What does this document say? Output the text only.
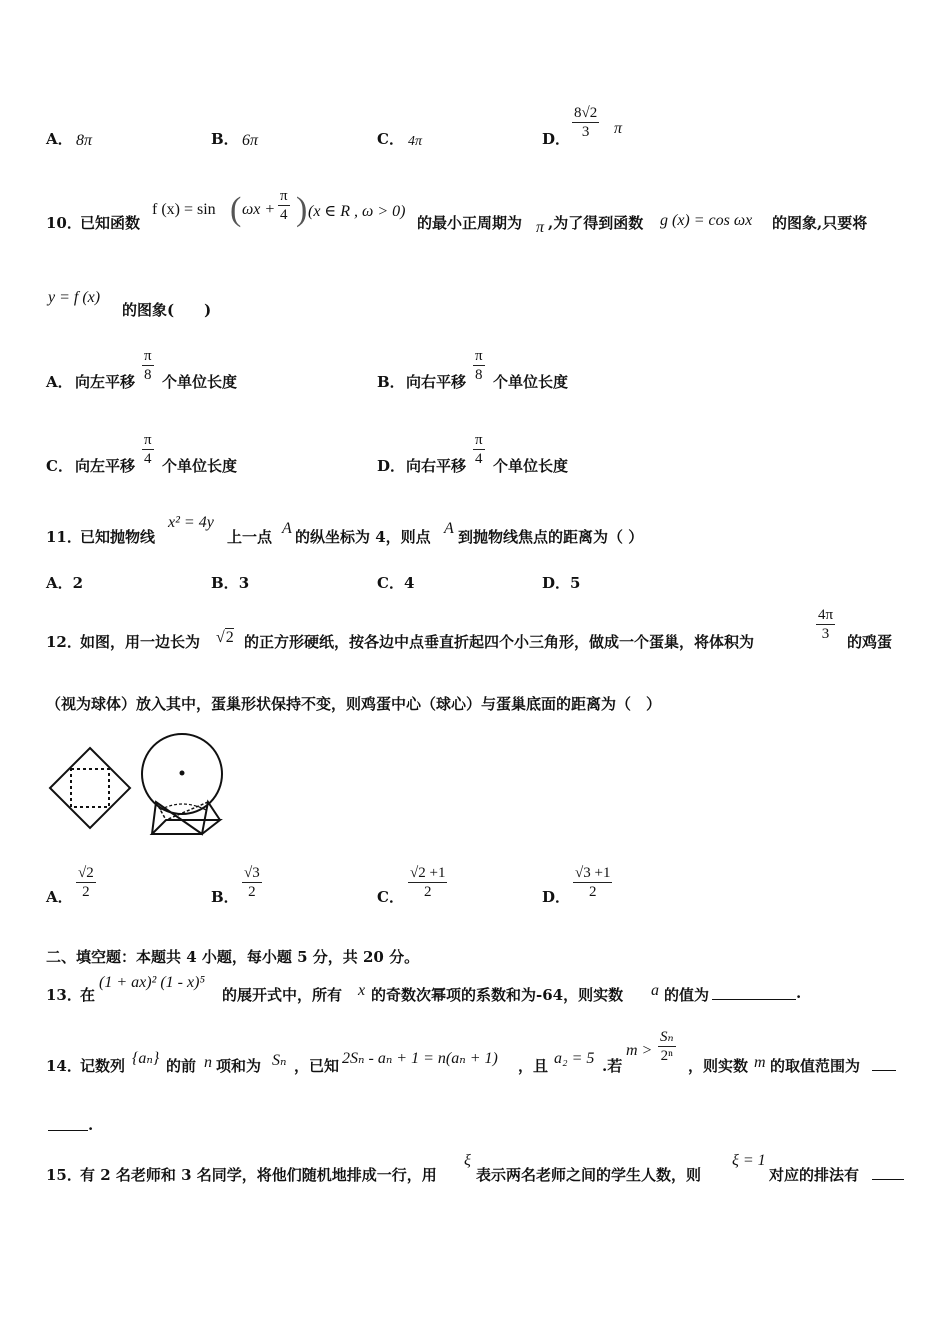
A． 8π	B． 6π	C． 4π	D． $\frac{8√2}{3}$ π
10．
已知函数
f (x) = sin ( $\omega x + \frac{\pi}{4}$ ) (x ∈ R , ω > 0)
的最小正周期为 π ,为了得到函数 g (x) = cos ωx 的图象,只要将
y = f (x)
的图象(　　)
A． 向左平移 $\frac{\pi}{8}$ 个单位长度	B． 向右平移 $\frac{\pi}{8}$ 个单位长度
C． 向左平移 $\frac{\pi}{4}$ 个单位长度	D． 向右平移 $\frac{\pi}{4}$ 个单位长度
11．
已知抛物线
x² = 4y
上一点 A 的纵坐标为 4，则点 A 到抛物线焦点的距离为（ ）
A．2	B．3	C．4	D．5
12．
如图，用一边长为 √2 的正方形硬纸，按各边中点垂直折起四个小三角形，做成一个蛋巢，将体积为	$\frac{4\pi}{3}$ 的鸡蛋
（视为球体）放入其中，蛋巢形状保持不变，则鸡蛋中心（球心）与蛋巢底面的距离为（　）
A． $\frac{√2}{2}$	B． $\frac{√3}{2}$	C． $\frac{√2 +1}{2}$	D． $\frac{√3 +1}{2}$
二、填空题：本题共 4 小题，每小题 5 分，共 20 分。
13．
在
(1 + ax)² (1 - x)⁵
的展开式中，所有 x 的奇数次幂项的系数和为-64，则实数 a 的值为	.
14．
记数列 {aₙ} 的前 n 项和为 Sₙ ，已知 2Sₙ - aₙ + 1 = n(aₙ + 1) ，且 a₂ = 5 .若
$m > \frac{\text{Sₙ}}{\text{2ⁿ}}$
，则实数 m 的取值范围为
.
15．
有 2 名老师和 3 名同学，将他们随机地排成一行，用
ξ
表示两名老师之间的学生人数，则
ξ = 1
对应的排法有
